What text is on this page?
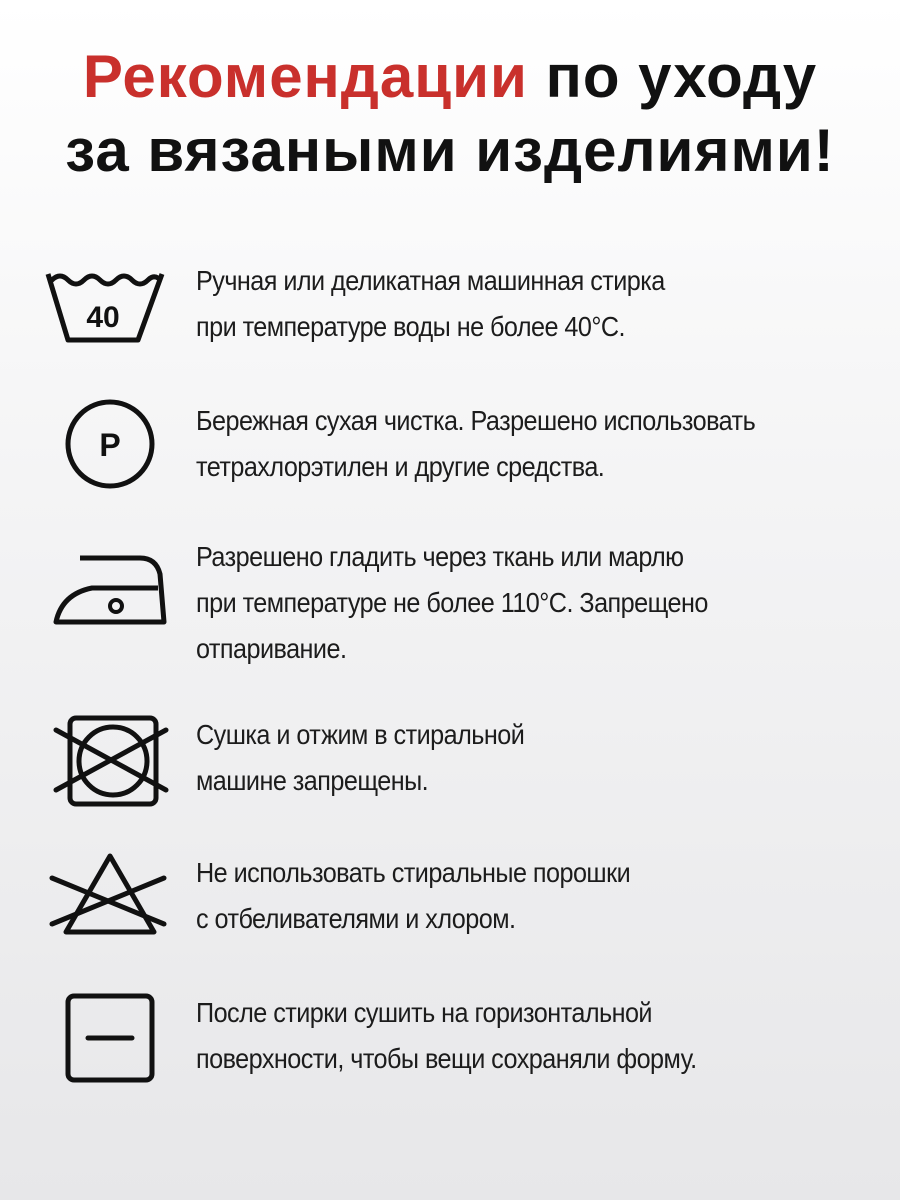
Рекомендации по уходу
за вязаными изделиями!
40
Ручная или деликатная машинная стирка
при температуре воды не более 40°С.
P
Бережная сухая чистка. Разрешено использовать
тетрахлорэтилен и другие средства.
Разрешено гладить через ткань или марлю
при температуре не более 110°С. Запрещено
отпаривание.
Сушка и отжим в стиральной
машине запрещены.
Не использовать стиральные порошки
с отбеливателями и хлором.
После стирки сушить на горизонтальной
поверхности, чтобы вещи сохраняли форму.
